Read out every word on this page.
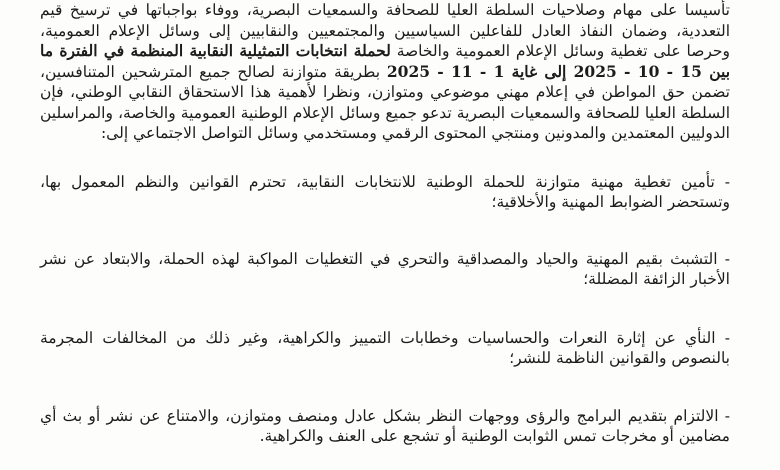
تأسيسا على مهام وصلاحيات السلطة العليا للصحافة والسمعيات البصرية، ووفاء بواجباتها في ترسيخ قيم التعددية، وضمان النفاذ العادل للفاعلين السياسيين والمجتمعيين والنقابيين إلى وسائل الإعلام العمومية، وحرصا على تغطية وسائل الإعلام العمومية والخاصة لحملة انتخابات التمثيلية النقابية المنظمة في الفترة ما بين 15 - 10 - 2025 إلى غاية 1 - 11 - 2025 بطريقة متوازنة لصالح جميع المترشحين المتنافسين، تضمن حق المواطن في إعلام مهني موضوعي ومتوازن، ونظرا لأهمية هذا الاستحقاق النقابي الوطني، فإن السلطة العليا للصحافة والسمعيات البصرية تدعو جميع وسائل الإعلام الوطنية العمومية والخاصة، والمراسلين الدوليين المعتمدين والمدونين ومنتجي المحتوى الرقمي ومستخدمي وسائل التواصل الاجتماعي إلى:

- تأمين تغطية مهنية متوازنة للحملة الوطنية للانتخابات النقابية، تحترم القوانين والنظم المعمول بها، وتستحضر الضوابط المهنية والأخلاقية؛

- التشبث بقيم المهنية والحياد والمصداقية والتحري في التغطيات المواكبة لهذه الحملة، والابتعاد عن نشر الأخبار الزائفة المضللة؛

- النأي عن إثارة النعرات والحساسيات وخطابات التمييز والكراهية، وغير ذلك من المخالفات المجرمة بالنصوص والقوانين الناظمة للنشر؛

- الالتزام بتقديم البرامج والرؤى ووجهات النظر بشكل عادل ومنصف ومتوازن، والامتناع عن نشر أو بث أي مضامين أو مخرجات تمس الثوابت الوطنية أو تشجع على العنف والكراهية.
